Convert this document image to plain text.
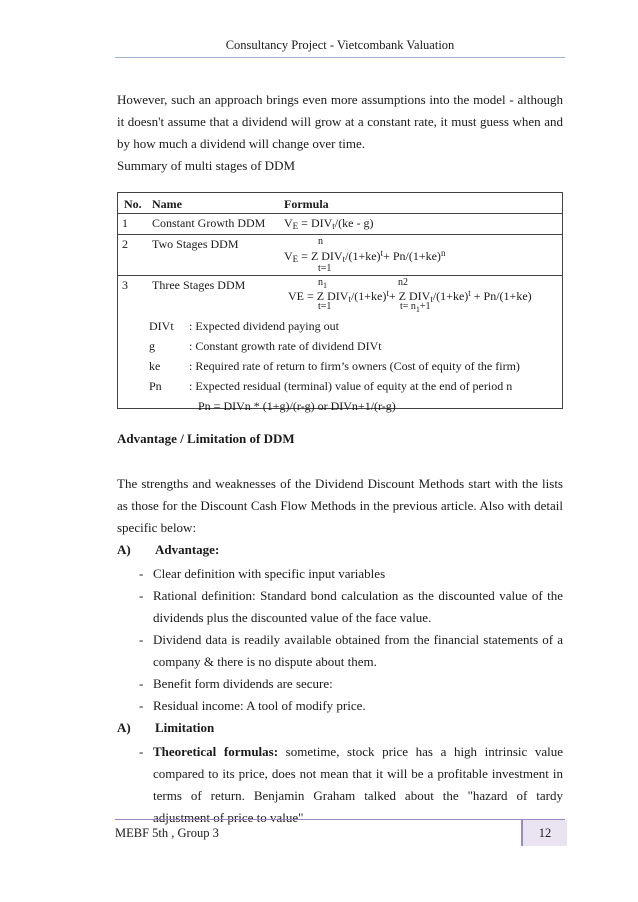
Consultancy Project - Vietcombank Valuation

However, such an approach brings even more assumptions into the model - although it doesn't assume that a dividend will grow at a constant rate, it must guess when and by how much a dividend will change over time.

Summary of multi stages of DDM

No. Name	Formula
1 Constant Growth DDM $V_E = DIV_t/(ke - g)$
2 Two Stages DDM	n
$V_E = Z$ $DIV_t/(1+ke)^t+ Pn/(1+ke)^n$
t=1
3 Three Stages DDM	$n_1$	n2
VE = Z $DIV_t/(1+ke)^t+ Z$ $DIV_t/(1+ke)^t + Pn/(1+ke)$
t=1	$t= n_1+1$
DIVt : Expected dividend paying out
g	: Constant growth rate of dividend DIVt
ke : Required rate of return to firm’s owners (Cost of equity of the firm)
Pn : Expected residual (terminal) value of equity at the end of period n
Pn = DIVn * (1+g)/(r-g) or DIVn+1/(r-g)
Advantage / Limitation of DDM
The strengths and weaknesses of the Dividend Discount Methods start with the lists as those for the Discount Cash Flow Methods in the previous article. Also with detail specific below:
A) Advantage:
- Clear definition with specific input variables
- Rational definition: Standard bond calculation as the discounted value of the dividends plus the discounted value of the face value.
- Dividend data is readily available obtained from the financial statements of a company & there is no dispute about them.
- Benefit form dividends are secure:
- Residual income: A tool of modify price.
A) Limitation
- Theoretical formulas: sometime, stock price has a high intrinsic value compared to its price, does not mean that it will be a profitable investment in terms of return. Benjamin Graham talked about the "hazard of tardy adjustment of price to value"
MEBF 5th , Group 3	12
